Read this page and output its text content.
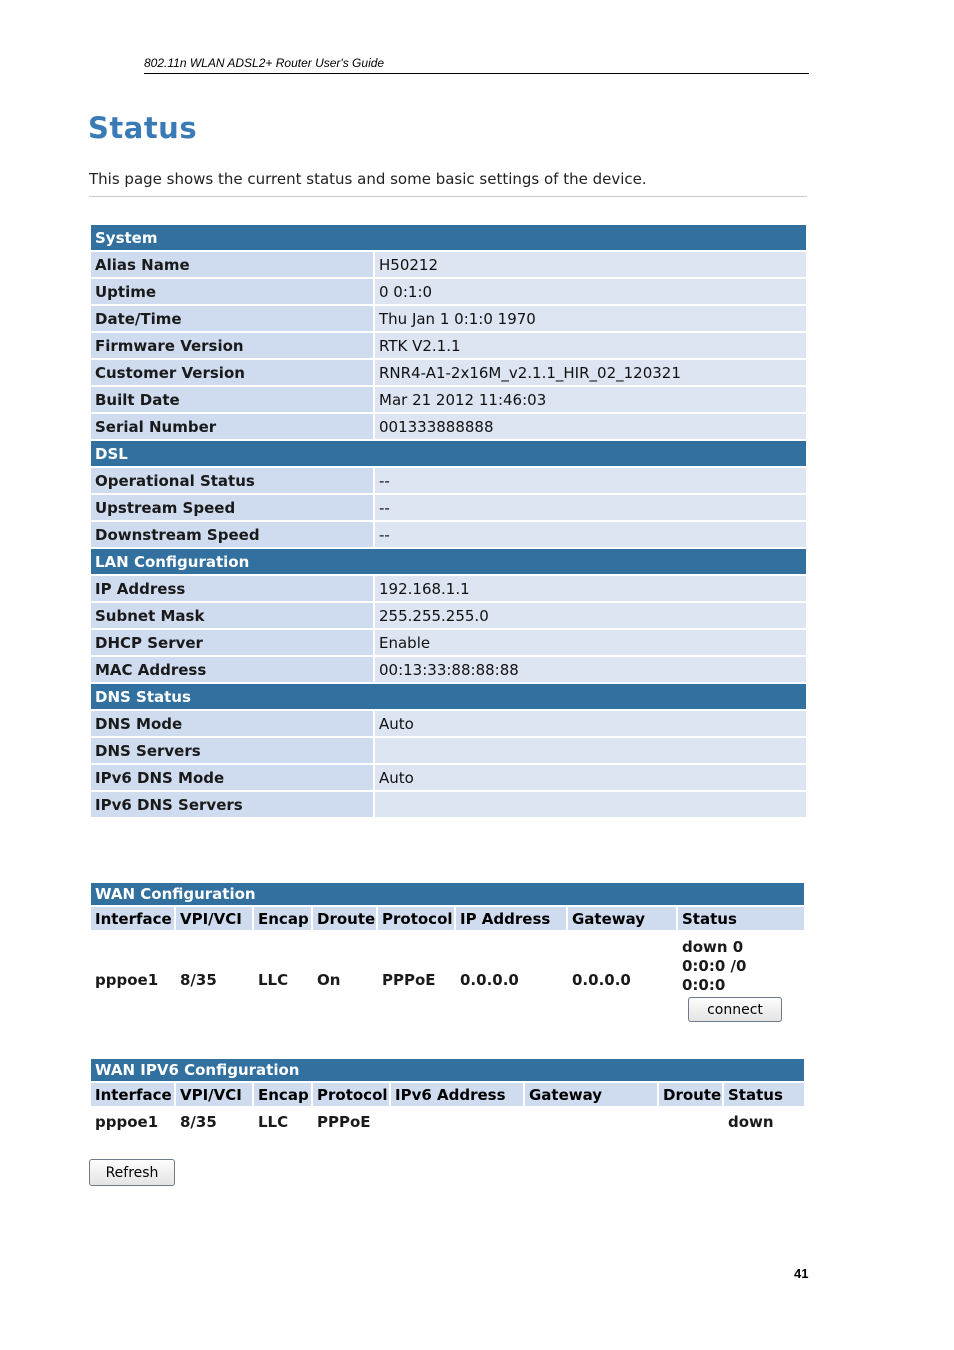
802.11n WLAN ADSL2+ Router User's Guide
Status
This page shows the current status and some basic settings of the device.
System	
Alias Name	H50212
Uptime	0 0:1:0
Date/Time	Thu Jan 1 0:1:0 1970
Firmware Version	RTK V2.1.1
Customer Version	RNR4-A1-2x16M_v2.1.1_HIR_02_120321
Built Date	Mar 21 2012 11:46:03
Serial Number	001333888888
DSL	
Operational Status	--
Upstream Speed	--
Downstream Speed	--
LAN Configuration	
IP Address	192.168.1.1
Subnet Mask	255.255.255.0
DHCP Server	Enable
MAC Address	00:13:33:88:88:88
DNS Status	
DNS Mode	Auto
DNS Servers	
IPv6 DNS Mode	Auto
IPv6 DNS Servers	
WAN Configuration							
Interface	VPI/VCI	Encap	Droute	Protocol	IP Address	Gateway	Status
pppoe1	8/35	LLC	On	PPPoE	0.0.0.0	0.0.0.0	down 0
0:0:0 /0
0:0:0
connect
WAN IPV6 Configuration							
Interface	VPI/VCI	Encap	Protocol	IPv6 Address	Gateway	Droute	Status
pppoe1	8/35	LLC	PPPoE				down
Refresh
41
